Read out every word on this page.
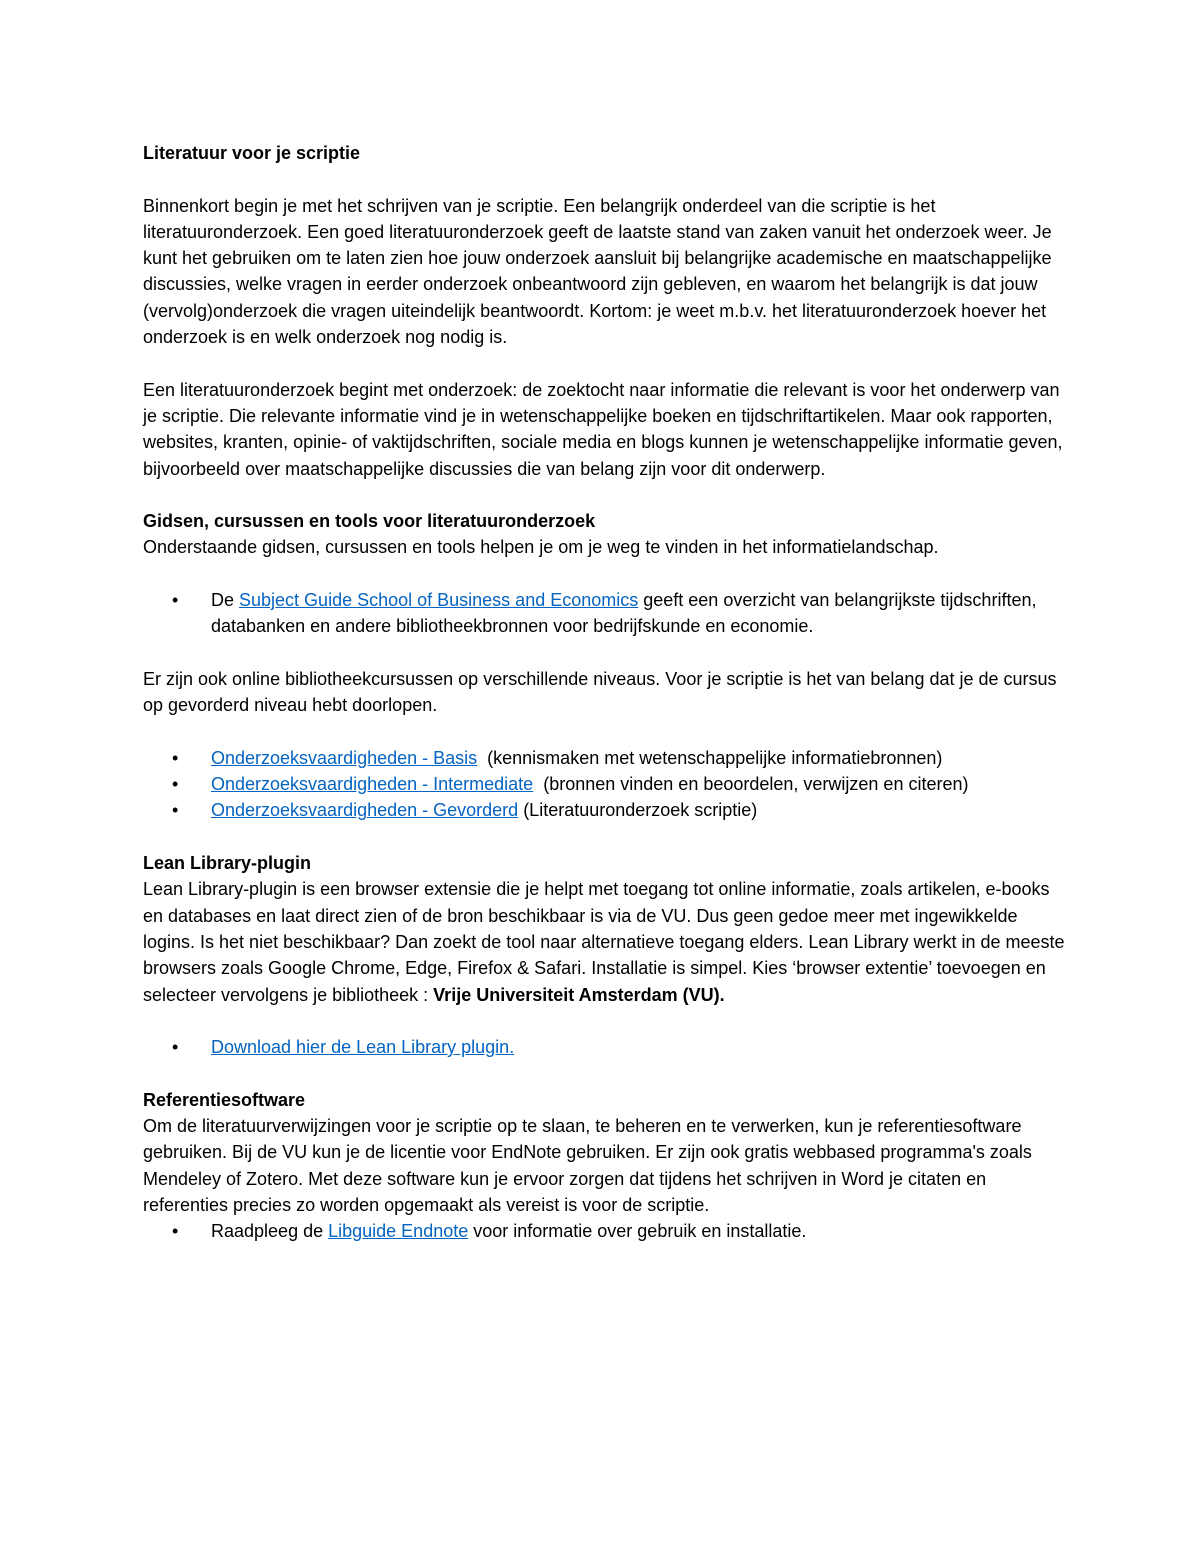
Literatuur voor je scriptie

Binnenkort begin je met het schrijven van je scriptie. Een belangrijk onderdeel van die scriptie is het literatuuronderzoek. Een goed literatuuronderzoek geeft de laatste stand van zaken vanuit het onderzoek weer. Je kunt het gebruiken om te laten zien hoe jouw onderzoek aansluit bij belangrijke academische en maatschappelijke discussies, welke vragen in eerder onderzoek onbeantwoord zijn gebleven, en waarom het belangrijk is dat jouw (vervolg)onderzoek die vragen uiteindelijk beantwoordt. Kortom: je weet m.b.v. het literatuuronderzoek hoever het onderzoek is en welk onderzoek nog nodig is.

Een literatuuronderzoek begint met onderzoek: de zoektocht naar informatie die relevant is voor het onderwerp van je scriptie. Die relevante informatie vind je in wetenschappelijke boeken en tijdschriftartikelen. Maar ook rapporten, websites, kranten, opinie- of vaktijdschriften, sociale media en blogs kunnen je wetenschappelijke informatie geven, bijvoorbeeld over maatschappelijke discussies die van belang zijn voor dit onderwerp.

Gidsen, cursussen en tools voor literatuuronderzoek

Onderstaande gidsen, cursussen en tools helpen je om je weg te vinden in het informatielandschap.

• De Subject Guide School of Business and Economics geeft een overzicht van belangrijkste tijdschriften, databanken en andere bibliotheekbronnen voor bedrijfskunde en economie.

Er zijn ook online bibliotheekcursussen op verschillende niveaus. Voor je scriptie is het van belang dat je de cursus op gevorderd niveau hebt doorlopen.

• Onderzoeksvaardigheden - Basis  (kennismaken met wetenschappelijke informatiebronnen)
• Onderzoeksvaardigheden - Intermediate  (bronnen vinden en beoordelen, verwijzen en citeren)
• Onderzoeksvaardigheden - Gevorderd (Literatuuronderzoek scriptie)

Lean Library-plugin

Lean Library-plugin is een browser extensie die je helpt met toegang tot online informatie, zoals artikelen, e-books en databases en laat direct zien of de bron beschikbaar is via de VU. Dus geen gedoe meer met ingewikkelde logins. Is het niet beschikbaar? Dan zoekt de tool naar alternatieve toegang elders. Lean Library werkt in de meeste browsers zoals Google Chrome, Edge, Firefox & Safari. Installatie is simpel. Kies ‘browser extentie’ toevoegen en selecteer vervolgens je bibliotheek : Vrije Universiteit Amsterdam (VU).

• Download hier de Lean Library plugin.

Referentiesoftware

Om de literatuurverwijzingen voor je scriptie op te slaan, te beheren en te verwerken, kun je referentiesoftware gebruiken. Bij de VU kun je de licentie voor EndNote gebruiken. Er zijn ook gratis webbased programma's zoals Mendeley of Zotero. Met deze software kun je ervoor zorgen dat tijdens het schrijven in Word je citaten en referenties precies zo worden opgemaakt als vereist is voor de scriptie.

• Raadpleeg de Libguide Endnote voor informatie over gebruik en installatie.
